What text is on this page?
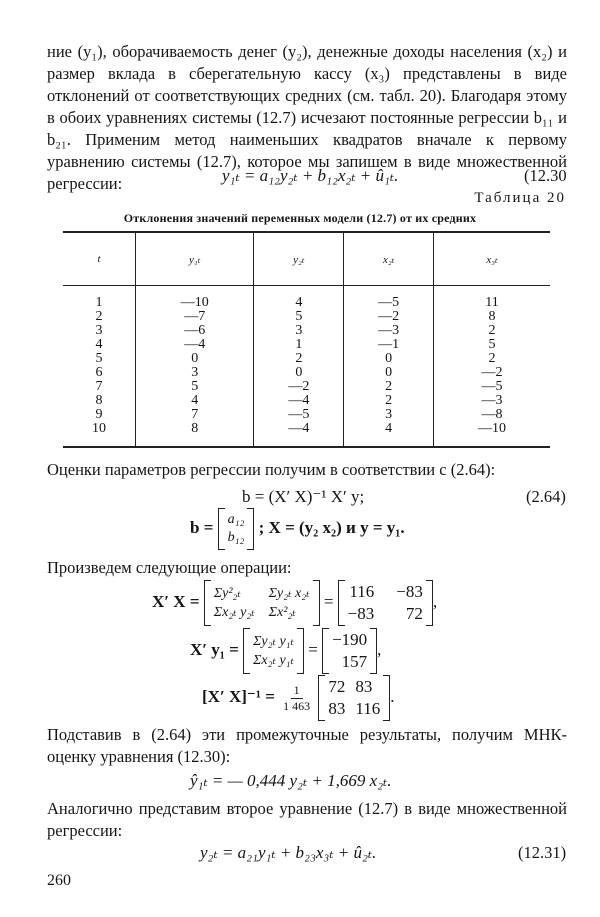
ние (y₁), оборачиваемость денег (y₂), денежные доходы населения (x₂) и размер вклада в сберегательную кассу (x₃) представлены в виде отклонений от соответствующих средних (см. табл. 20). Благодаря этому в обоих уравнениях системы (12.7) исчезают постоянные регрессии b₁₁ и b₂₁. Применим метод наименьших квадратов вначале к первому уравнению системы (12.7), которое мы запишем в виде множественной регрессии:	y₁ₜ = a₁₂y₂ₜ + b₁₂x₂ₜ + û₁ₜ.	(12.30
Таблица 20
Отклонения значений переменных модели (12.7) от их средних
t	y₁ₜ	y₂ₜ	x₂ₜ	x₃ₜ

1	—10	4	—5	11
2	—7	5	—2	8
3	—6	3	—3	2
4	—4	1	—1	5
5	0	2	0	2
6	3	0	0	—2
7	5	—2	2	—5
8	4	—4	2	—3
9	7	—5	3	—8
10	8	—4	4	—10
Оценки параметров регрессии получим в соответствии с (2.64):
b = (X′ X)⁻¹ X′ y;	(2.64)
b = a₁₂
b₁₂
; X = (y₂ x₂) и y = y₁.
Произведем следующие операции:
X′ X = Σy²₂ₜ	Σy₂ₜ x₂ₜ
Σx₂ₜ y₂ₜ Σx²₂ₜ
=
116 −83
−83	72
,
X′ y₁ = Σy₂ₜ y₁ₜ
Σx₂ₜ y₁ₜ
=
−190
157
,
[X′ $X]^{-1} = \frac{1}{1 463}$
72 83
83 116
.
Подставив в (2.64) эти промежуточные результаты, получим МНК-оценку уравнения (12.30):
ŷ₁ₜ = — 0,444 y₂ₜ + 1,669 x₂ₜ.
Аналогично представим второе уравнение (12.7) в виде множественной регрессии:
y₂ₜ = a₂₁y₁ₜ + b₂₃x₃ₜ + û₂ₜ.	(12.31)
260
